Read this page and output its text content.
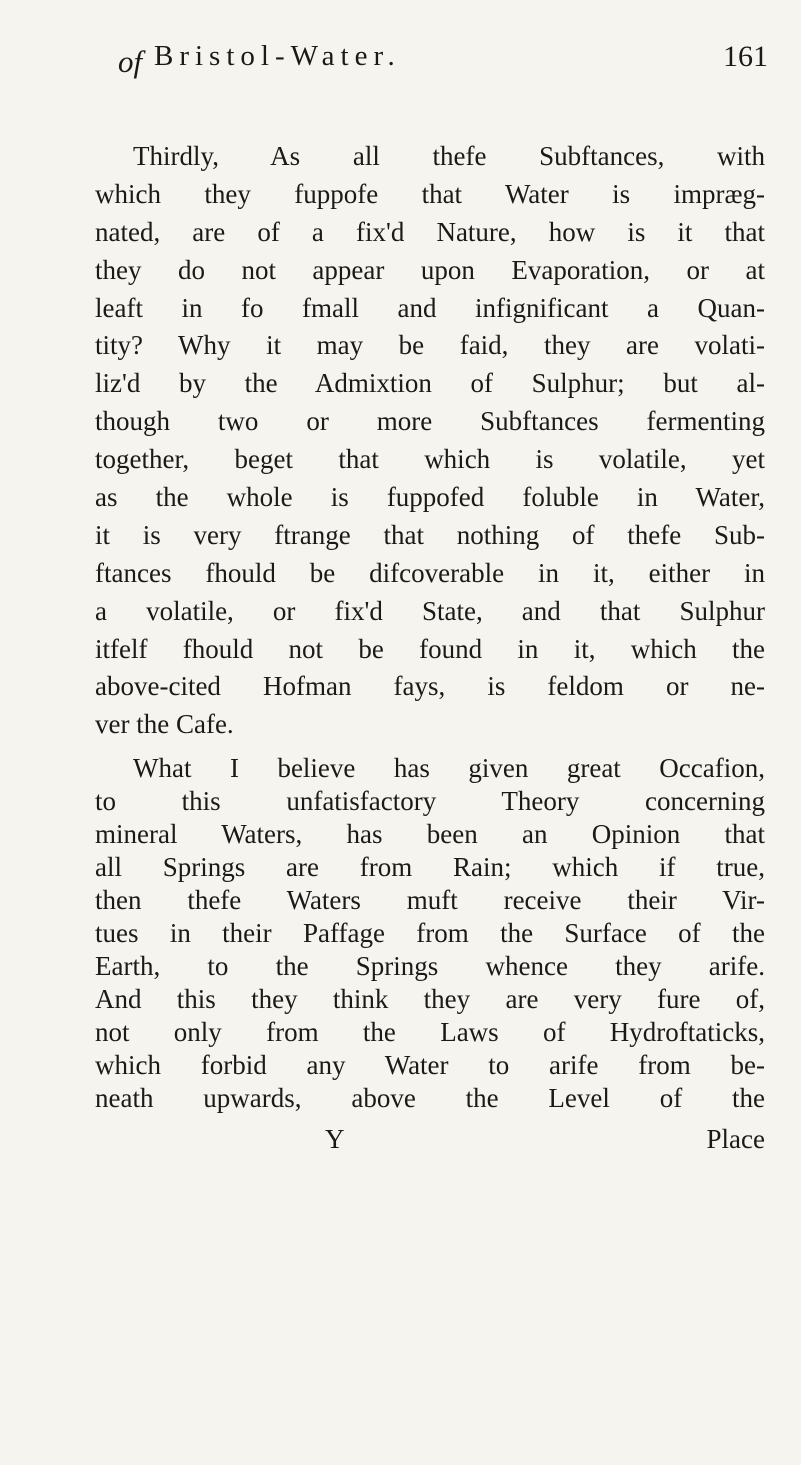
of Bristol-Water.	161
Thirdly, As all thefe Subftances, with
which they fuppofe that Water is impræg-
nated, are of a fix'd Nature, how is it that
they do not appear upon Evaporation, or at
leaft in fo fmall and infignificant a Quan-
tity? Why it may be faid, they are volati-
liz'd by the Admixtion of Sulphur; but al-
though two or more Subftances fermenting
together, beget that which is volatile, yet
as the whole is fuppofed foluble in Water,
it is very ftrange that nothing of thefe Sub-
ftances fhould be difcoverable in it, either in
a volatile, or fix'd State, and that Sulphur
itfelf fhould not be found in it, which the
above-cited Hofman fays, is feldom or ne-
ver the Cafe.
What I believe has given great Occafion,
to this unfatisfactory Theory concerning
mineral Waters, has been an Opinion that
all Springs are from Rain; which if true,
then thefe Waters muft receive their Vir-
tues in their Paffage from the Surface of the
Earth, to the Springs whence they arife.
And this they think they are very fure of,
not only from the Laws of Hydroftaticks,
which forbid any Water to arife from be-
neath upwards, above the Level of the
Y	Place
